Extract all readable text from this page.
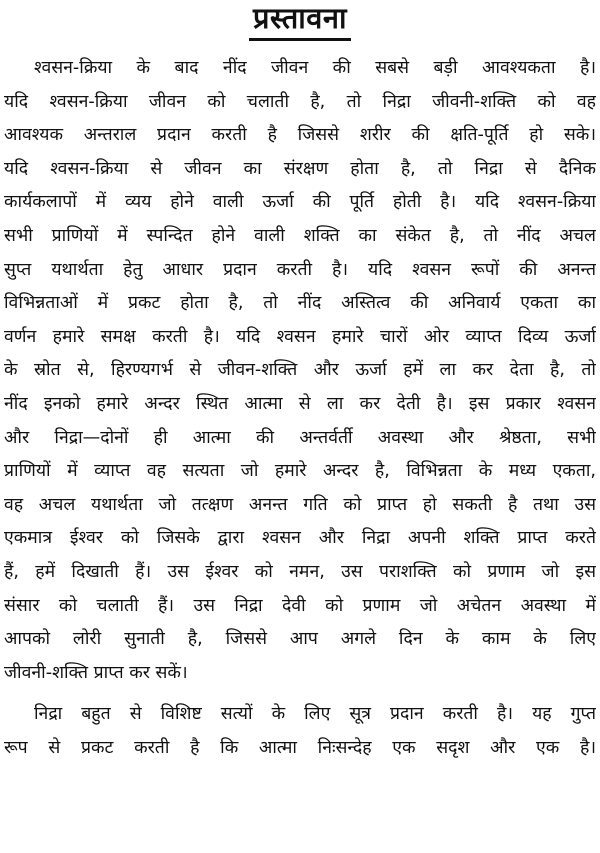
प्रस्तावना
श्वसन-क्रिया के बाद नींद जीवन की सबसे बड़ी आवश्यकता है।
यदि श्वसन-क्रिया जीवन को चलाती है, तो निद्रा जीवनी-शक्ति को वह
आवश्यक अन्तराल प्रदान करती है जिससे शरीर की क्षति-पूर्ति हो सके।
यदि श्वसन-क्रिया से जीवन का संरक्षण होता है, तो निद्रा से दैनिक
कार्यकलापों में व्यय होने वाली ऊर्जा की पूर्ति होती है। यदि श्वसन-क्रिया
सभी प्राणियों में स्पन्दित होने वाली शक्ति का संकेत है, तो नींद अचल
सुप्त यथार्थता हेतु आधार प्रदान करती है। यदि श्वसन रूपों की अनन्त
विभिन्नताओं में प्रकट होता है, तो नींद अस्तित्व की अनिवार्य एकता का
वर्णन हमारे समक्ष करती है। यदि श्वसन हमारे चारों ओर व्याप्त दिव्य ऊर्जा
के स्रोत से, हिरण्यगर्भ से जीवन-शक्ति और ऊर्जा हमें ला कर देता है, तो
नींद इनको हमारे अन्दर स्थित आत्मा से ला कर देती है। इस प्रकार श्वसन
और निद्रा—दोनों ही आत्मा की अन्तर्वर्ती अवस्था और श्रेष्ठता, सभी
प्राणियों में व्याप्त वह सत्यता जो हमारे अन्दर है, विभिन्नता के मध्य एकता,
वह अचल यथार्थता जो तत्क्षण अनन्त गति को प्राप्त हो सकती है तथा उस
एकमात्र ईश्वर को जिसके द्वारा श्वसन और निद्रा अपनी शक्ति प्राप्त करते
हैं, हमें दिखाती हैं। उस ईश्वर को नमन, उस पराशक्ति को प्रणाम जो इस
संसार को चलाती हैं। उस निद्रा देवी को प्रणाम जो अचेतन अवस्था में
आपको लोरी सुनाती है, जिससे आप अगले दिन के काम के लिए
जीवनी-शक्ति प्राप्त कर सकें।
निद्रा बहुत से विशिष्ट सत्यों के लिए सूत्र प्रदान करती है। यह गुप्त
रूप से प्रकट करती है कि आत्मा निःसन्देह एक सदृश और एक है।
